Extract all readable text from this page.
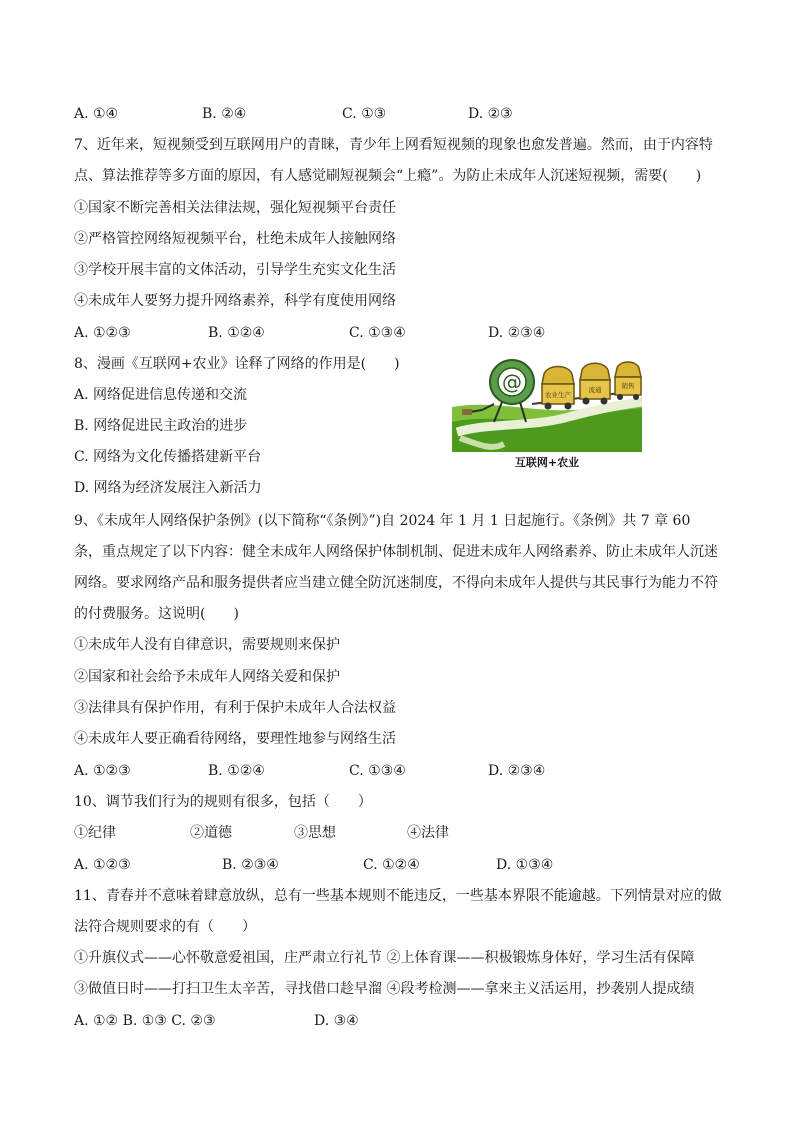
A. ①④	B. ②④	C. ①③	D. ②③
7、近年来，短视频受到互联网用户的青睐，青少年上网看短视频的现象也愈发普遍。然而，由于内容特
点、算法推荐等多方面的原因，有人感觉刷短视频会“上瘾”。为防止未成年人沉迷短视频，需要(　　)
①国家不断完善相关法律法规，强化短视频平台责任
②严格管控网络短视频平台，杜绝未成年人接触网络
③学校开展丰富的文体活动，引导学生充实文化生活
④未成年人要努力提升网络素养，科学有度使用网络
A. ①②③	B. ①②④	C. ①③④	D. ②③④
8、漫画《互联网+农业》诠释了网络的作用是(　　)
A. 网络促进信息传递和交流
B. 网络促进民主政治的进步
C. 网络为文化传播搭建新平台
D. 网络为经济发展注入新活力
@
农业生产
流通	销售
互联网+农业
9、《未成年人网络保护条例》(以下简称“《条例》”)自 2024 年 1 月 1 日起施行。《条例》共 7 章 60
条，重点规定了以下内容：健全未成年人网络保护体制机制、促进未成年人网络素养、防止未成年人沉迷
网络。要求网络产品和服务提供者应当建立健全防沉迷制度，不得向未成年人提供与其民事行为能力不符
的付费服务。这说明(　　)
①未成年人没有自律意识，需要规则来保护
②国家和社会给予未成年人网络关爱和保护
③法律具有保护作用，有利于保护未成年人合法权益
④未成年人要正确看待网络，要理性地参与网络生活
A. ①②③	B. ①②④	C. ①③④	D. ②③④
10、调节我们行为的规则有很多，包括（　　）
①纪律	②道德	③思想	④法律
A. ①②③	B. ②③④	C. ①②④	D. ①③④
11、青春并不意味着肆意放纵，总有一些基本规则不能违反，一些基本界限不能逾越。下列情景对应的做
法符合规则要求的有（　　）
①升旗仪式——心怀敬意爱祖国，庄严肃立行礼节 ②上体育课——积极锻炼身体好，学习生活有保障
③做值日时——打扫卫生太辛苦，寻找借口趁早溜 ④段考检测——拿来主义活运用，抄袭别人提成绩
A. ①② B. ①③ C. ②③	D. ③④
